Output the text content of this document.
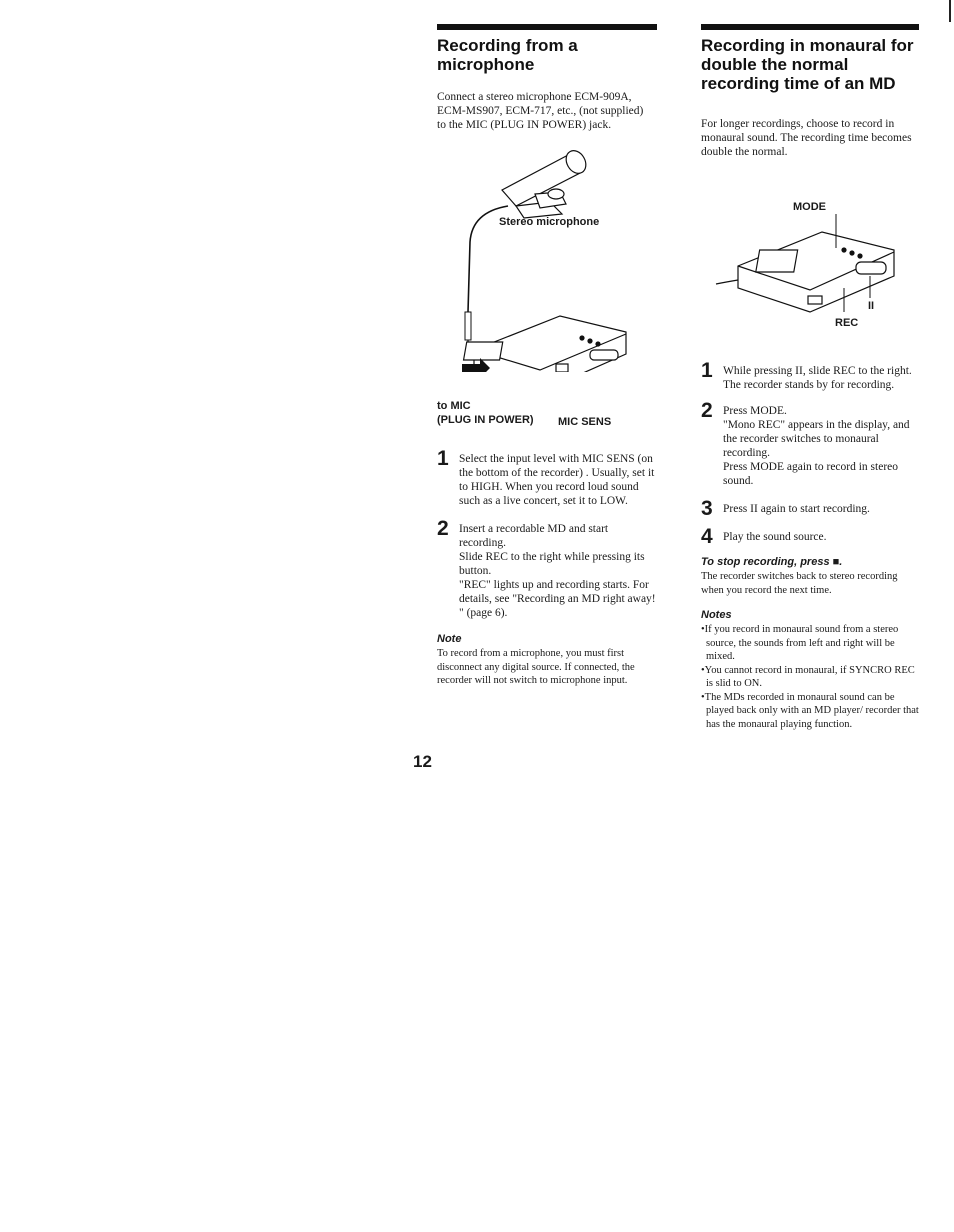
Recording from a microphone

Connect a stereo microphone ECM-909A, ECM-MS907, ECM-717, etc., (not supplied) to the MIC (PLUG IN POWER) jack.

Stereo microphone
to MIC
(PLUG IN POWER) MIC SENS
1 Select the input level with MIC SENS (on the bottom of the recorder) . Usually, set it to HIGH. When you record loud sound such as a live concert, set it to LOW.

2 Insert a recordable MD and start recording.

Slide REC to the right while pressing its button.

"REC" lights up and recording starts. For details, see "Recording an MD right away! " (page 6).

Note

To record from a microphone, you must first disconnect any digital source. If connected, the recorder will not switch to microphone input.

12
Recording in monaural for double the normal recording time of an MD

For longer recordings, choose to record in monaural sound. The recording time becomes double the normal.

MODE
II
REC
1 While pressing II, slide REC to the right.

The recorder stands by for recording.

2 Press MODE.

"Mono REC" appears in the display, and the recorder switches to monaural recording.

Press MODE again to record in stereo sound.

3 Press II again to start recording.

4 Play the sound source.

To stop recording, press ■.

The recorder switches back to stereo recording when you record the next time.

Notes

•If you record in monaural sound from a stereo source, the sounds from left and right will be mixed.
•You cannot record in monaural, if SYNCRO REC is slid to ON.
•The MDs recorded in monaural sound can be played back only with an MD player/ recorder that has the monaural playing function.
